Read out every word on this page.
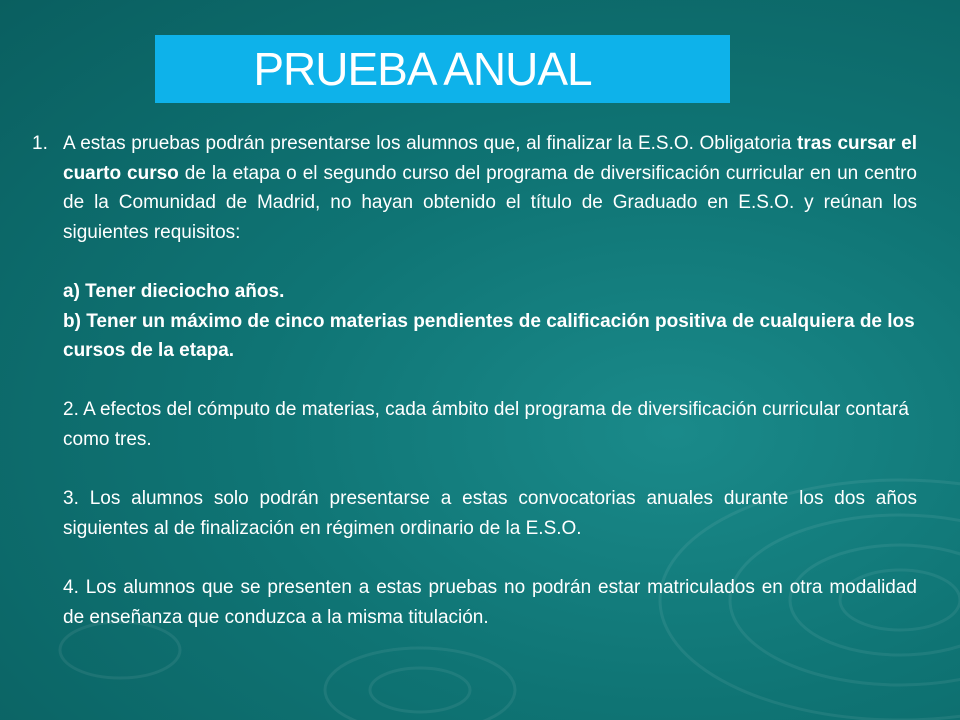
PRUEBA ANUAL
1. A estas pruebas podrán presentarse los alumnos que, al finalizar la E.S.O. Obligatoria tras cursar el cuarto curso de la etapa o el segundo curso del programa de diversificación curricular en un centro de la Comunidad de Madrid, no hayan obtenido el título de Graduado en E.S.O. y reúnan los siguientes requisitos:
a) Tener dieciocho años.
b) Tener un máximo de cinco materias pendientes de calificación positiva de cualquiera de los cursos de la etapa.
2. A efectos del cómputo de materias, cada ámbito del programa de diversificación curricular contará como tres.
3. Los alumnos solo podrán presentarse a estas convocatorias anuales durante los dos años siguientes al de finalización en régimen ordinario de la E.S.O.
4. Los alumnos que se presenten a estas pruebas no podrán estar matriculados en otra modalidad de enseñanza que conduzca a la misma titulación.
